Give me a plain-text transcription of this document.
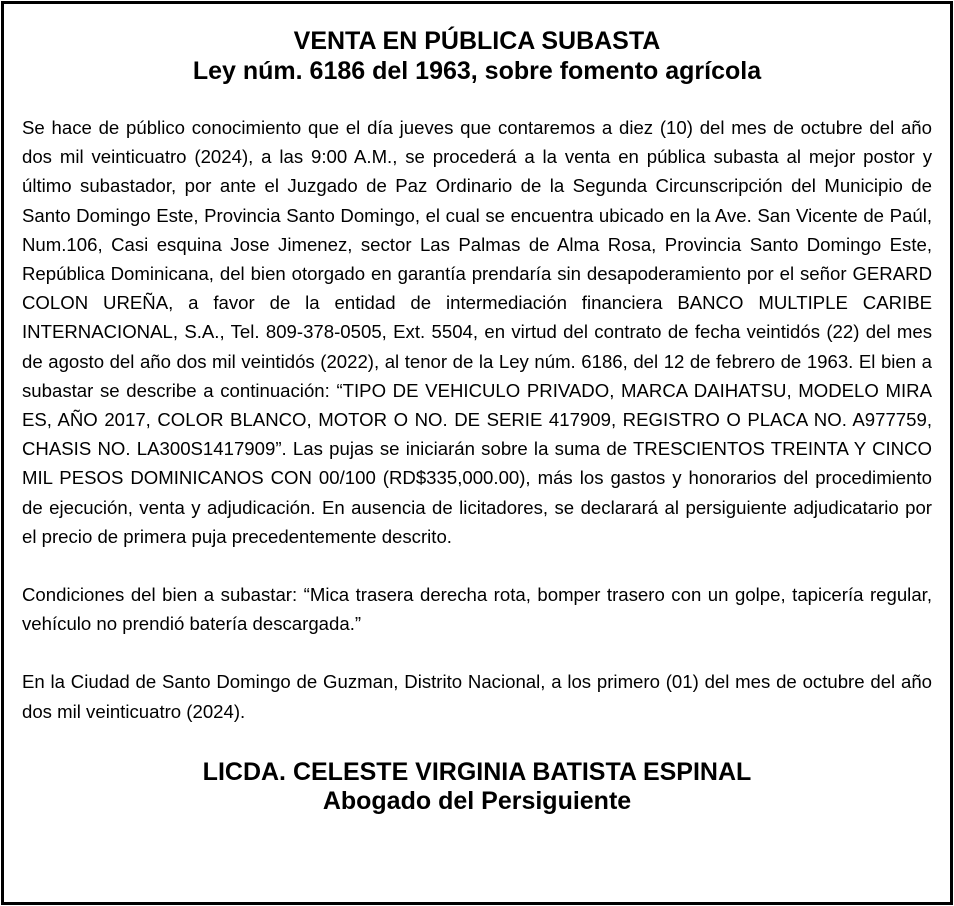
VENTA EN PÚBLICA SUBASTA
Ley núm. 6186 del 1963, sobre fomento agrícola

Se hace de público conocimiento que el día jueves que contaremos a diez (10) del mes de octubre del año dos mil veinticuatro (2024), a las 9:00 A.M., se procederá a la venta en pública subasta al mejor postor y último subastador, por ante el Juzgado de Paz Ordinario de la Segunda Circunscripción del Municipio de Santo Domingo Este, Provincia Santo Domingo, el cual se encuentra ubicado en la Ave. San Vicente de Paúl, Num.106, Casi esquina Jose Jimenez, sector Las Palmas de Alma Rosa, Provincia Santo Domingo Este, República Dominicana, del bien otorgado en garantía prendaría sin desapoderamiento por el señor GERARD COLON UREÑA, a favor de la entidad de intermediación financiera BANCO MULTIPLE CARIBE INTERNACIONAL, S.A., Tel. 809-378-0505, Ext. 5504, en virtud del contrato de fecha veintidós (22) del mes de agosto del año dos mil veintidós (2022), al tenor de la Ley núm. 6186, del 12 de febrero de 1963. El bien a subastar se describe a continuación: “TIPO DE VEHICULO PRIVADO, MARCA DAIHATSU, MODELO MIRA ES, AÑO 2017, COLOR BLANCO, MOTOR O NO. DE SERIE 417909, REGISTRO O PLACA NO. A977759, CHASIS NO. LA300S1417909”. Las pujas se iniciarán sobre la suma de TRESCIENTOS TREINTA Y CINCO MIL PESOS DOMINICANOS CON 00/100 (RD$335,000.00), más los gastos y honorarios del procedimiento de ejecución, venta y adjudicación. En ausencia de licitadores, se declarará al persiguiente adjudicatario por el precio de primera puja precedentemente descrito.

Condiciones del bien a subastar: “Mica trasera derecha rota, bomper trasero con un golpe, tapicería regular, vehículo no prendió batería descargada.”

En la Ciudad de Santo Domingo de Guzman, Distrito Nacional, a los primero (01) del mes de octubre del año dos mil veinticuatro (2024).

LICDA. CELESTE VIRGINIA BATISTA ESPINAL
Abogado del Persiguiente
